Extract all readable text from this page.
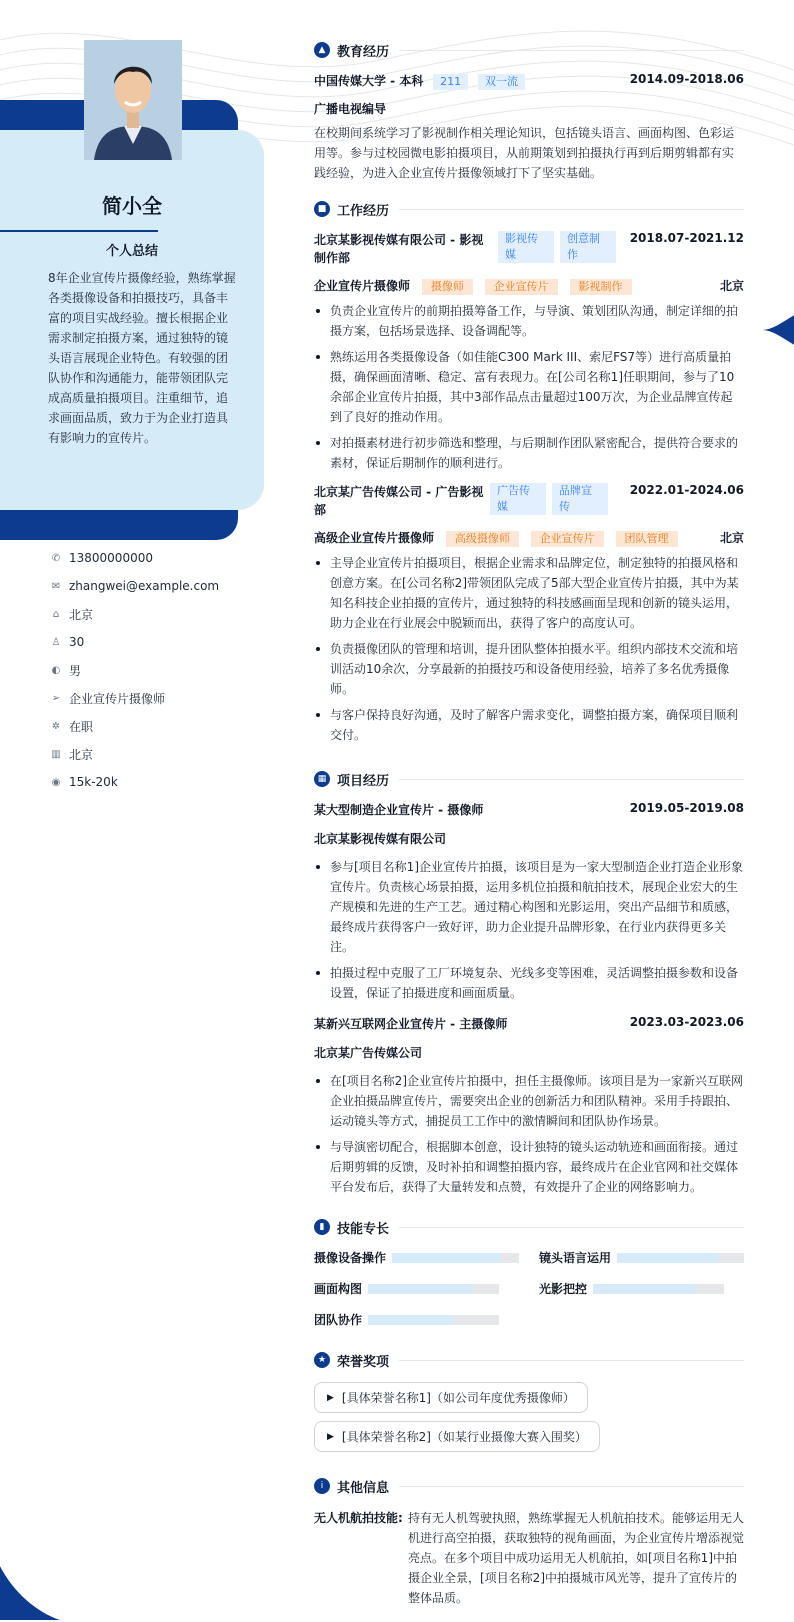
简小全
个人总结
8年企业宣传片摄像经验，熟练掌握各类摄像设备和拍摄技巧，具备丰富的项目实战经验。擅长根据企业需求制定拍摄方案，通过独特的镜头语言展现企业特色。有较强的团队协作和沟通能力，能带领团队完成高质量拍摄项目。注重细节，追求画面品质，致力于为企业打造具有影响力的宣传片。
✆ 13800000000
✉ zhangwei@example.com
⌂ 北京
♙ 30
◐ 男
➢ 企业宣传片摄像师
✲ 在职
▥ 北京
◉ 15k-20k
▲ 教育经历
中国传媒大学 - 本科 211 双一流	2014.09-2018.06
广播电视编导

在校期间系统学习了影视制作相关理论知识，包括镜头语言、画面构图、色彩运用等。参与过校园微电影拍摄项目，从前期策划到拍摄执行再到后期剪辑都有实践经验，为进入企业宣传片摄像领域打下了坚实基础。

■ 工作经历
北京某影视传媒有限公司 - 影视制作部
影视传媒
创意制作
2018.07-2021.12
企业宣传片摄像师 摄像师	企业宣传片	影视制作	北京
负责企业宣传片的前期拍摄筹备工作，与导演、策划团队沟通，制定详细的拍摄方案，包括场景选择、设备调配等。
熟练运用各类摄像设备（如佳能C300 Mark III、索尼FS7等）进行高质量拍摄，确保画面清晰、稳定、富有表现力。在[公司名称1]任职期间，参与了10余部企业宣传片拍摄，其中3部作品点击量超过100万次，为企业品牌宣传起到了良好的推动作用。
对拍摄素材进行初步筛选和整理，与后期制作团队紧密配合，提供符合要求的素材，保证后期制作的顺利进行。
北京某广告传媒公司 - 广告影视部
广告传媒
品牌宣传
2022.01-2024.06
高级企业宣传片摄像师 高级摄像师	企业宣传片	团队管理	北京
主导企业宣传片拍摄项目，根据企业需求和品牌定位，制定独特的拍摄风格和创意方案。在[公司名称2]带领团队完成了5部大型企业宣传片拍摄，其中为某知名科技企业拍摄的宣传片，通过独特的科技感画面呈现和创新的镜头运用，助力企业在行业展会中脱颖而出，获得了客户的高度认可。
负责摄像团队的管理和培训，提升团队整体拍摄水平。组织内部技术交流和培训活动10余次，分享最新的拍摄技巧和设备使用经验，培养了多名优秀摄像师。
与客户保持良好沟通，及时了解客户需求变化，调整拍摄方案，确保项目顺利交付。
▦ 项目经历
某大型制造企业宣传片 - 摄像师	2019.05-2019.08
北京某影视传媒有限公司
参与[项目名称1]企业宣传片拍摄，该项目是为一家大型制造企业打造企业形象宣传片。负责核心场景拍摄，运用多机位拍摄和航拍技术，展现企业宏大的生产规模和先进的生产工艺。通过精心构图和光影运用，突出产品细节和质感，最终成片获得客户一致好评，助力企业提升品牌形象，在行业内获得更多关注。
拍摄过程中克服了工厂环境复杂、光线多变等困难，灵活调整拍摄参数和设备设置，保证了拍摄进度和画面质量。
某新兴互联网企业宣传片 - 主摄像师	2023.03-2023.06
北京某广告传媒公司
在[项目名称2]企业宣传片拍摄中，担任主摄像师。该项目是为一家新兴互联网企业拍摄品牌宣传片，需要突出企业的创新活力和团队精神。采用手持跟拍、运动镜头等方式，捕捉员工工作中的激情瞬间和团队协作场景。
与导演密切配合，根据脚本创意，设计独特的镜头运动轨迹和画面衔接。通过后期剪辑的反馈，及时补拍和调整拍摄内容，最终成片在企业官网和社交媒体平台发布后，获得了大量转发和点赞，有效提升了企业的网络影响力。
▮ 技能专长
摄像设备操作	镜头语言运用
画面构图	光影把控
团队协作
★ 荣誉奖项
▶ [具体荣誉名称1]（如公司年度优秀摄像师）
▶ [具体荣誉名称2]（如某行业摄像大赛入围奖）
i	其他信息
无人机航拍技能: 持有无人机驾驶执照，熟练掌握无人机航拍技术。能够运用无人机进行高空拍摄，获取独特的视角画面，为企业宣传片增添视觉亮点。在多个项目中成功运用无人机航拍，如[项目名称1]中拍摄企业全景，[项目名称2]中拍摄城市风光等，提升了宣传片的整体品质。
